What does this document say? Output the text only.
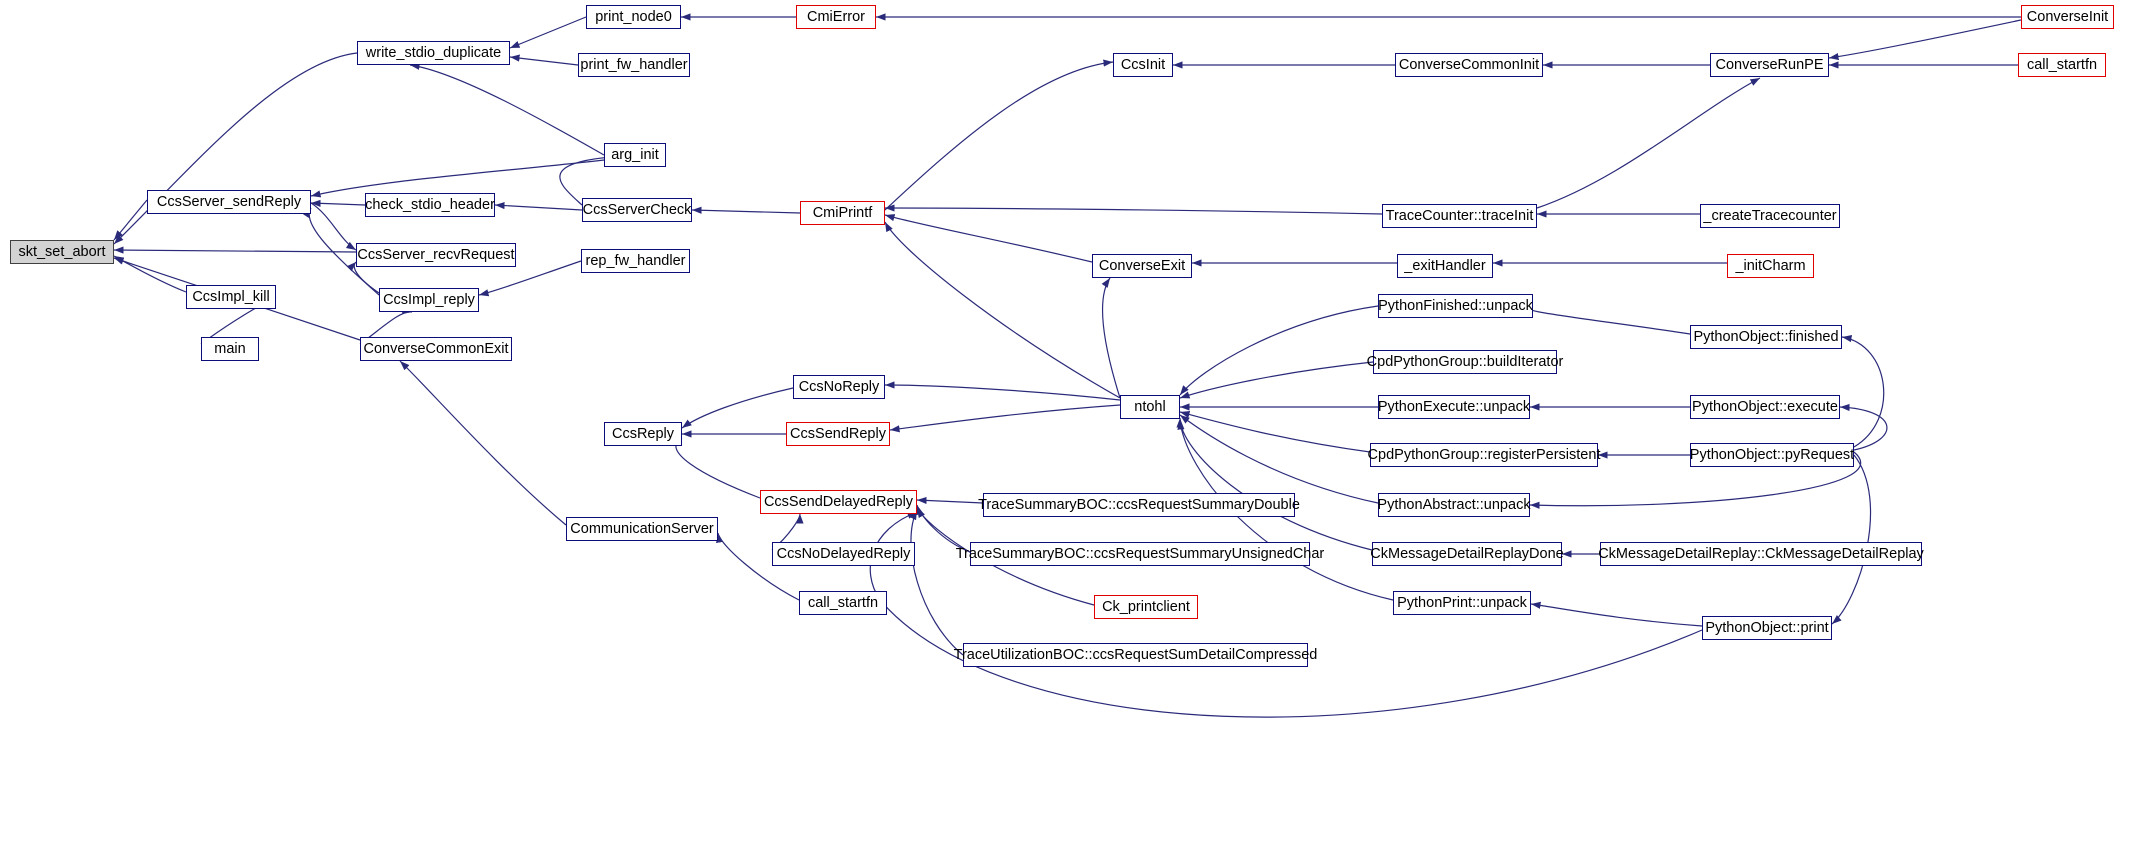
skt_set_abort
write_stdio_duplicate
print_node0
print_fw_handler
CmiError	ConverseInit
CcsInit	ConverseCommonInit	ConverseRunPE	call_startfn
arg_init
CcsServer_sendReply	check_stdio_header	CcsServerCheck	CmiPrintf	TraceCounter::traceInit	_createTracecounter
CcsServer_recvRequest	rep_fw_handler	ConverseExit	_exitHandler	_initCharm
CcsImpl_kill	CcsImpl_reply	PythonFinished::unpack
PythonObject::finished
main	ConverseCommonExit
CpdPythonGroup::buildIterator
CcsNoReply
ntohl	PythonExecute::unpack	PythonObject::execute
CcsReply	CcsSendReply
CpdPythonGroup::registerPersistent	PythonObject::pyRequest
CcsSendDelayedReply	TraceSummaryBOC::ccsRequestSummaryDouble	PythonAbstract::unpack
CommunicationServer
CcsNoDelayedReply	TraceSummaryBOC::ccsRequestSummaryUnsignedChar	CkMessageDetailReplayDone CkMessageDetailReplay::CkMessageDetailReplay
Ck_printclient	PythonPrint::unpack
call_startfn
PythonObject::print
TraceUtilizationBOC::ccsRequestSumDetailCompressed
